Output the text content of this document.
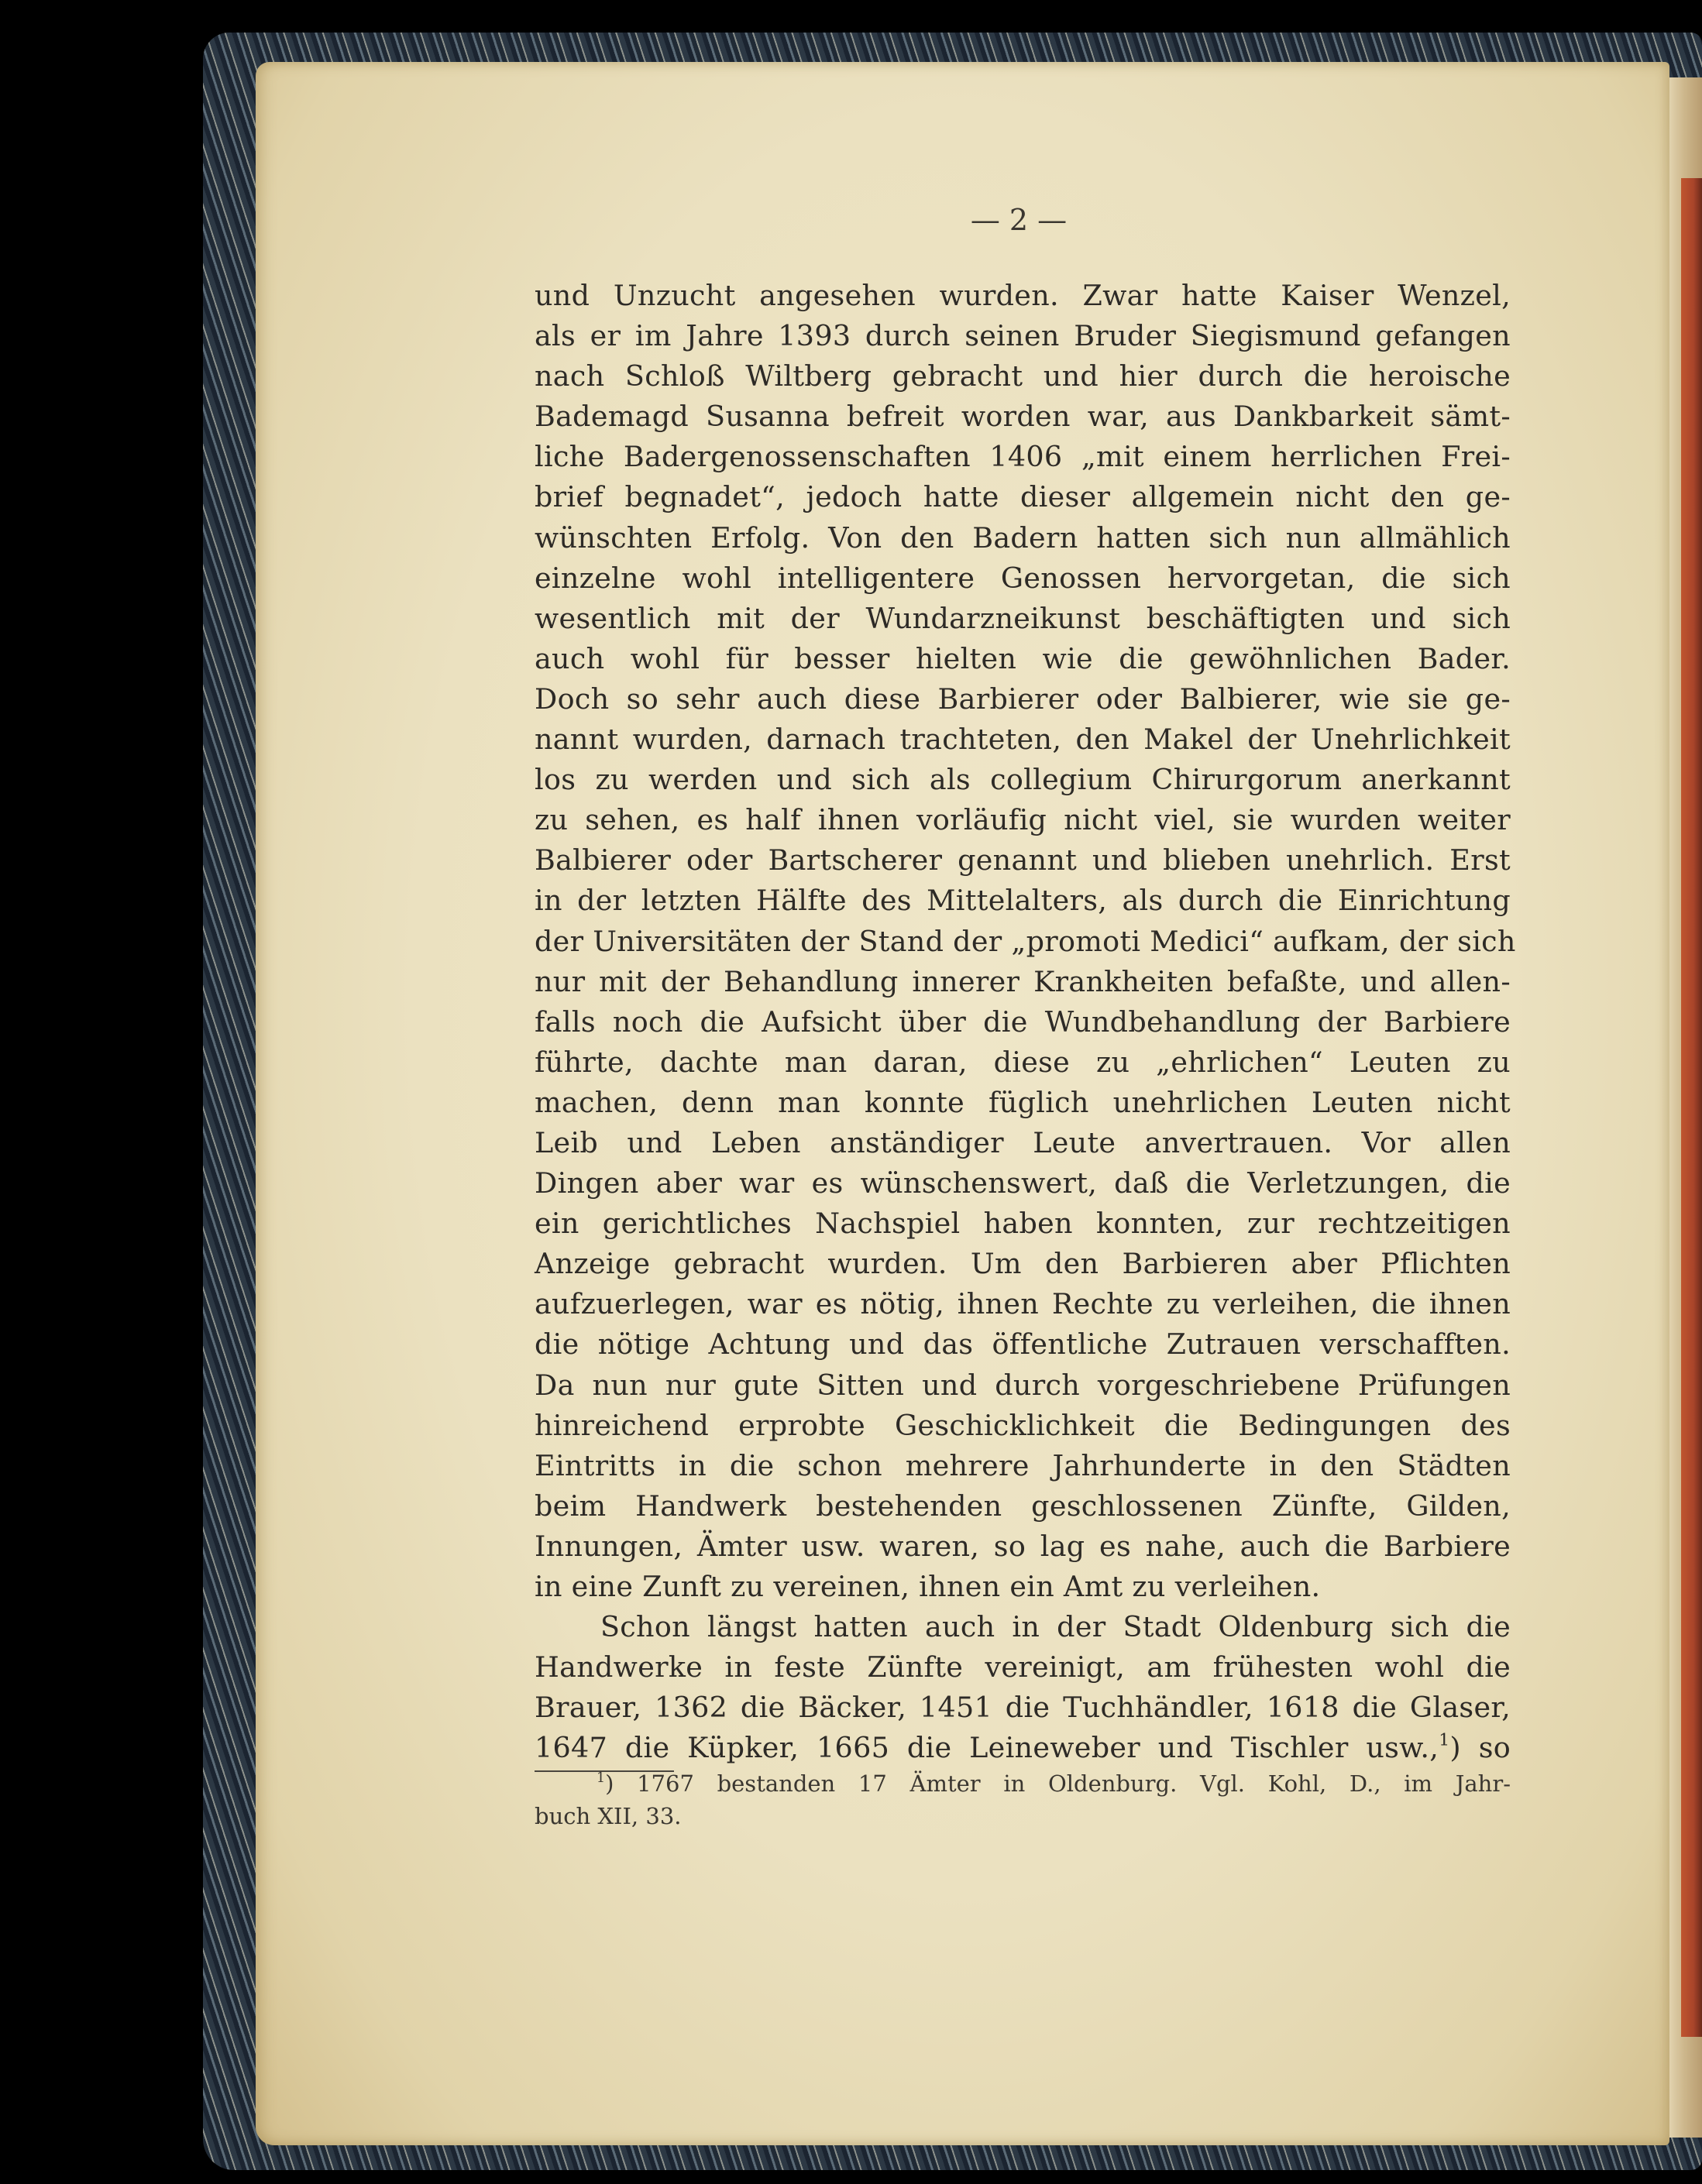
— 2 —
und Unzucht angesehen wurden. Zwar hatte Kaiser Wenzel,
als er im Jahre 1393 durch seinen Bruder Siegismund gefangen
nach Schloß Wiltberg gebracht und hier durch die heroische
Bademagd Susanna befreit worden war, aus Dankbarkeit sämt-
liche Badergenossenschaften 1406 „mit einem herrlichen Frei-
brief begnadet“, jedoch hatte dieser allgemein nicht den ge-
wünschten Erfolg. Von den Badern hatten sich nun allmählich
einzelne wohl intelligentere Genossen hervorgetan, die sich
wesentlich mit der Wundarzneikunst beschäftigten und sich
auch wohl für besser hielten wie die gewöhnlichen Bader.
Doch so sehr auch diese Barbierer oder Balbierer, wie sie ge-
nannt wurden, darnach trachteten, den Makel der Unehrlichkeit
los zu werden und sich als collegium Chirurgorum anerkannt
zu sehen, es half ihnen vorläufig nicht viel, sie wurden weiter
Balbierer oder Bartscherer genannt und blieben unehrlich. Erst
in der letzten Hälfte des Mittelalters, als durch die Einrichtung
der Universitäten der Stand der „promoti Medici“ aufkam, der sich
nur mit der Behandlung innerer Krankheiten befaßte, und allen-
falls noch die Aufsicht über die Wundbehandlung der Barbiere
führte, dachte man daran, diese zu „ehrlichen“ Leuten zu
machen, denn man konnte füglich unehrlichen Leuten nicht
Leib und Leben anständiger Leute anvertrauen. Vor allen
Dingen aber war es wünschenswert, daß die Verletzungen, die
ein gerichtliches Nachspiel haben konnten, zur rechtzeitigen
Anzeige gebracht wurden. Um den Barbieren aber Pflichten
aufzuerlegen, war es nötig, ihnen Rechte zu verleihen, die ihnen
die nötige Achtung und das öffentliche Zutrauen verschafften.
Da nun nur gute Sitten und durch vorgeschriebene Prüfungen
hinreichend erprobte Geschicklichkeit die Bedingungen des
Eintritts in die schon mehrere Jahrhunderte in den Städten
beim Handwerk bestehenden geschlossenen Zünfte, Gilden,
Innungen, Ämter usw. waren, so lag es nahe, auch die Barbiere
in eine Zunft zu vereinen, ihnen ein Amt zu verleihen.
Schon längst hatten auch in der Stadt Oldenburg sich die
Handwerke in feste Zünfte vereinigt, am frühesten wohl die
Brauer, 1362 die Bäcker, 1451 die Tuchhändler, 1618 die Glaser,
1647 die Küpker, 1665 die Leineweber und Tischler usw.,$^1$) so
$^1$) 1767 bestanden 17 Ämter in Oldenburg. Vgl. Kohl, D., im Jahr-
buch XII, 33.
